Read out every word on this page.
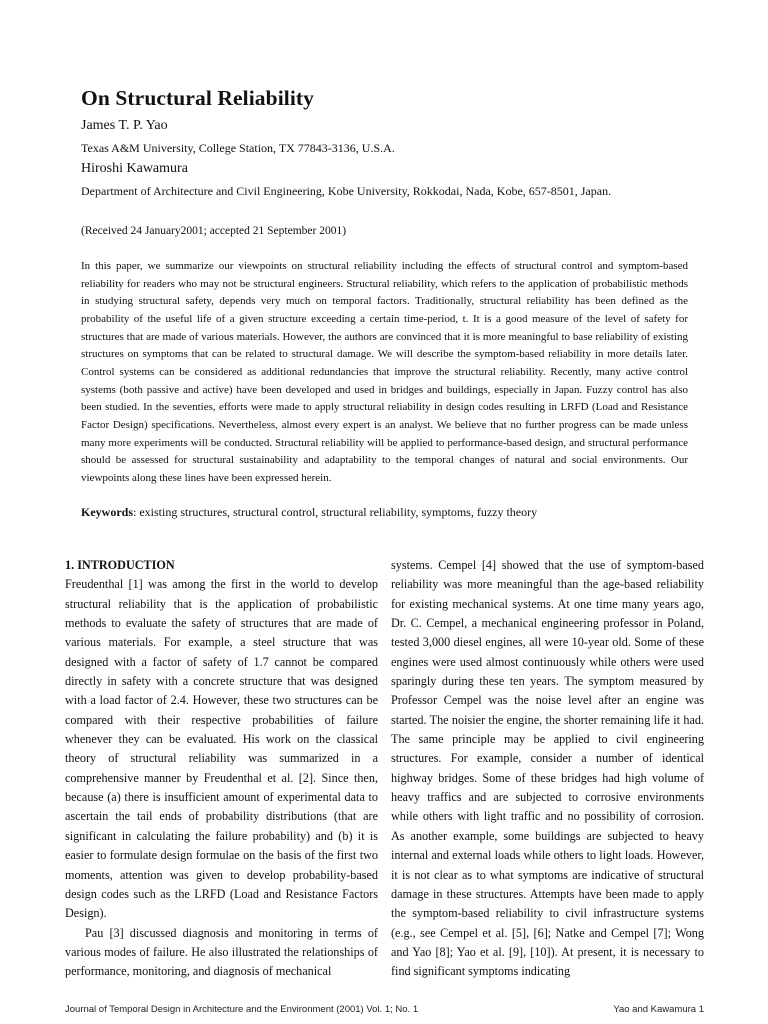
On Structural Reliability
James T. P. Yao
Texas A&M University, College Station, TX 77843-3136, U.S.A.
Hiroshi Kawamura
Department of Architecture and Civil Engineering, Kobe University, Rokkodai, Nada, Kobe, 657-8501, Japan.
(Received 24 January2001; accepted 21 September 2001)
In this paper, we summarize our viewpoints on structural reliability including the effects of structural control and symptom-based reliability for readers who may not be structural engineers. Structural reliability, which refers to the application of probabilistic methods in studying structural safety, depends very much on temporal factors. Traditionally, structural reliability has been defined as the probability of the useful life of a given structure exceeding a certain time-period, t. It is a good measure of the level of safety for structures that are made of various materials. However, the authors are convinced that it is more meaningful to base reliability of existing structures on symptoms that can be related to structural damage. We will describe the symptom-based reliability in more details later. Control systems can be considered as additional redundancies that improve the structural reliability. Recently, many active control systems (both passive and active) have been developed and used in bridges and buildings, especially in Japan. Fuzzy control has also been studied. In the seventies, efforts were made to apply structural reliability in design codes resulting in LRFD (Load and Resistance Factor Design) specifications. Nevertheless, almost every expert is an analyst. We believe that no further progress can be made unless many more experiments will be conducted. Structural reliability will be applied to performance-based design, and structural performance should be assessed for structural sustainability and adaptability to the temporal changes of natural and social environments. Our viewpoints along these lines have been expressed herein.
Keywords: existing structures, structural control, structural reliability, symptoms, fuzzy theory

1. INTRODUCTION

Freudenthal [1] was among the first in the world to develop structural reliability that is the application of probabilistic methods to evaluate the safety of structures that are made of various materials. For example, a steel structure that was designed with a factor of safety of 1.7 cannot be compared directly in safety with a concrete structure that was designed with a load factor of 2.4. However, these two structures can be compared with their respective probabilities of failure whenever they can be evaluated. His work on the classical theory of structural reliability was summarized in a comprehensive manner by Freudenthal et al. [2]. Since then, because (a) there is insufficient amount of experimental data to ascertain the tail ends of probability distributions (that are significant in calculating the failure probability) and (b) it is easier to formulate design formulae on the basis of the first two moments, attention was given to develop probability-based design codes such as the LRFD (Load and Resistance Factors Design).

Pau [3] discussed diagnosis and monitoring in terms of various modes of failure. He also illustrated the relationships of performance, monitoring, and diagnosis of mechanical

systems. Cempel [4] showed that the use of symptom-based reliability was more meaningful than the age-based reliability for existing mechanical systems. At one time many years ago, Dr. C. Cempel, a mechanical engineering professor in Poland, tested 3,000 diesel engines, all were 10-year old. Some of these engines were used almost continuously while others were used sparingly during these ten years. The symptom measured by Professor Cempel was the noise level after an engine was started. The noisier the engine, the shorter remaining life it had. The same principle may be applied to civil engineering structures. For example, consider a number of identical highway bridges. Some of these bridges had high volume of heavy traffics and are subjected to corrosive environments while others with light traffic and no possibility of corrosion. As another example, some buildings are subjected to heavy internal and external loads while others to light loads. However, it is not clear as to what symptoms are indicative of structural damage in these structures. Attempts have been made to apply the symptom-based reliability to civil infrastructure systems (e.g., see Cempel et al. [5], [6]; Natke and Cempel [7]; Wong and Yao [8]; Yao et al. [9], [10]). At present, it is necessary to find significant symptoms indicating

Journal of Temporal Design in Architecture and the Environment (2001) Vol. 1; No. 1	Yao and Kawamura 1
